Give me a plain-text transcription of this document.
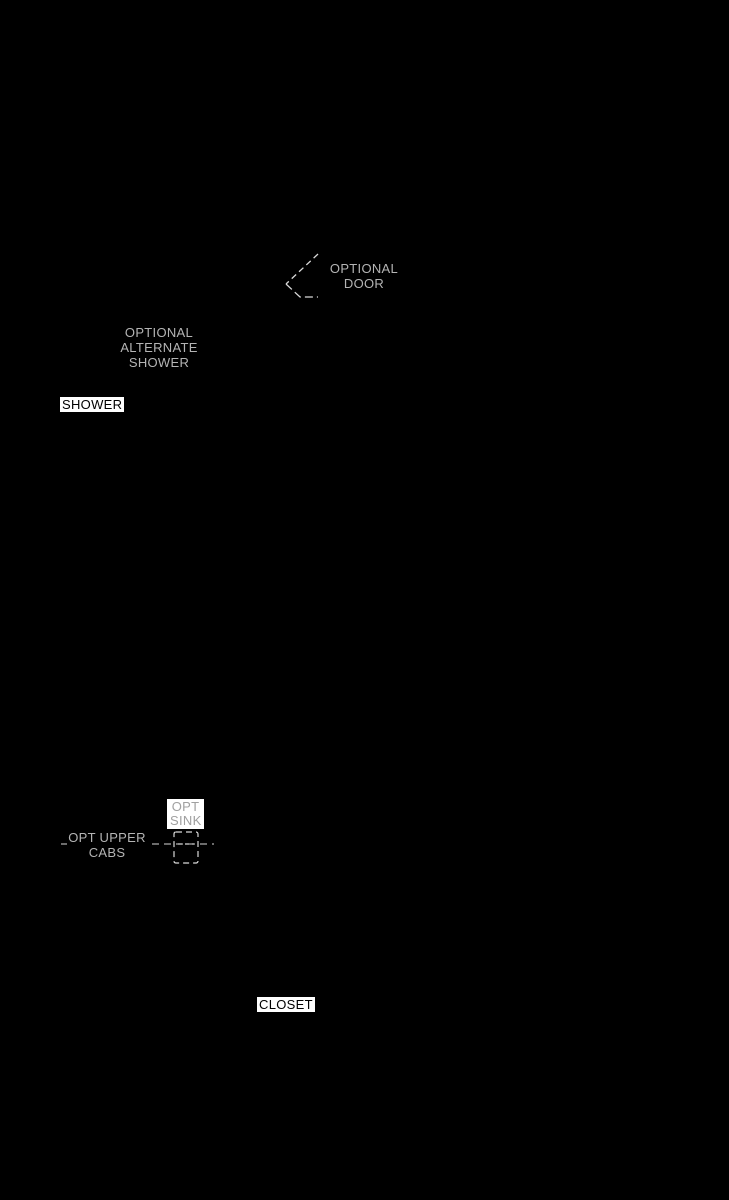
OPTIONAL
DOOR
OPTIONAL
ALTERNATE
SHOWER
SHOWER
OPT
SINK
OPT UPPER
CABS
CLOSET
